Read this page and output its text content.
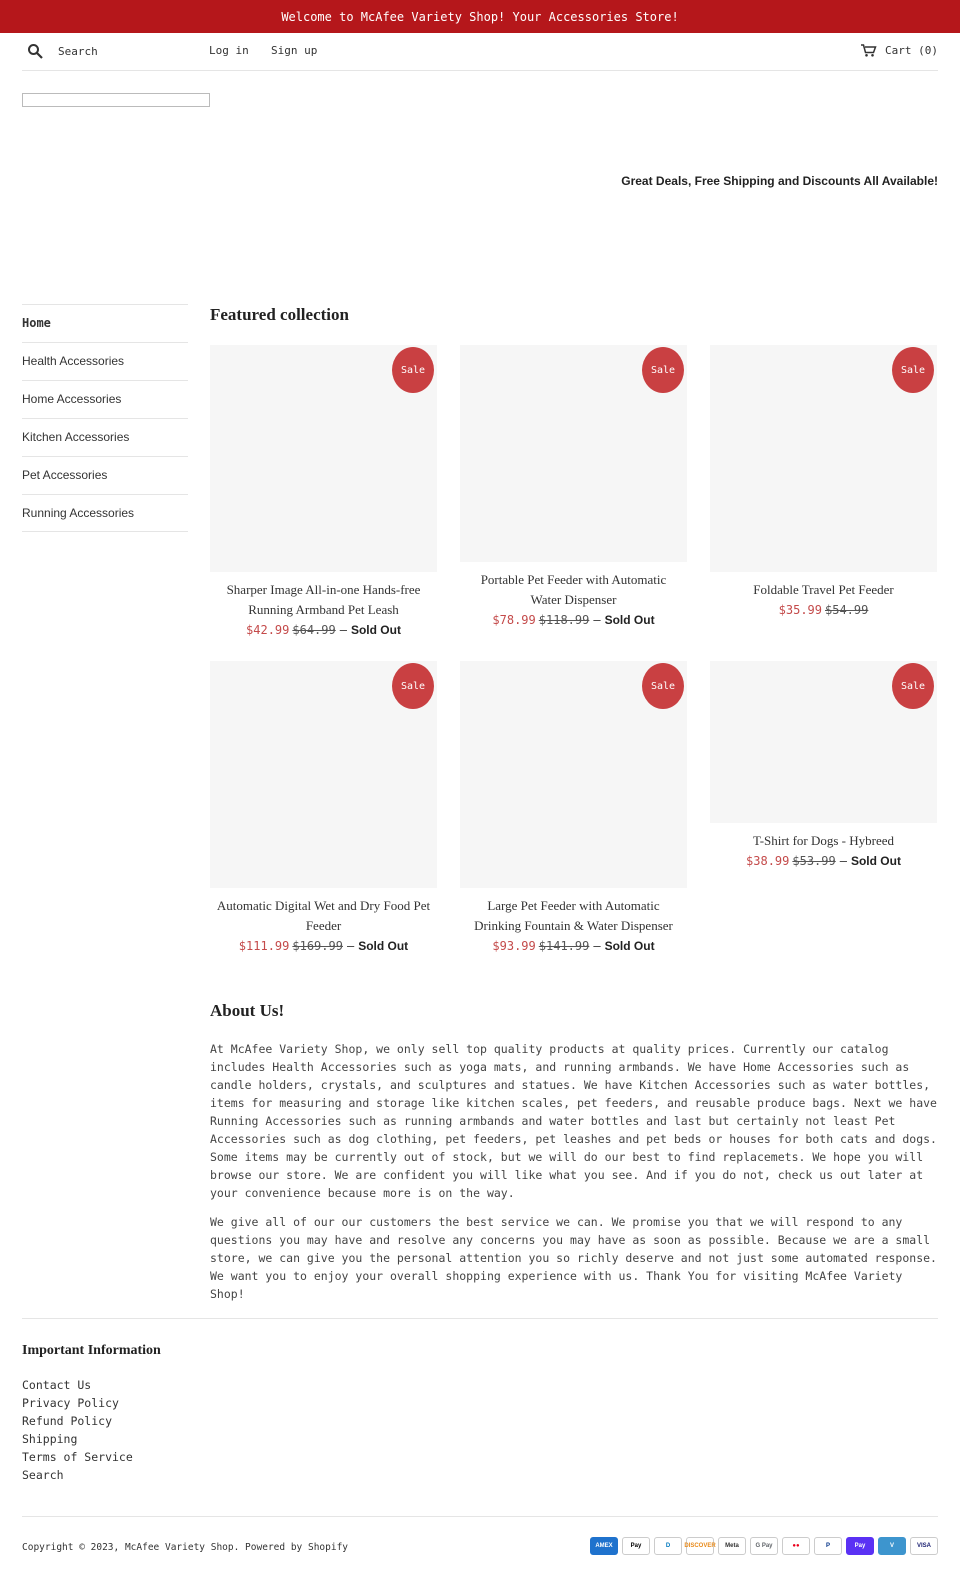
Welcome to McAfee Variety Shop! Your Accessories Store!
Search
Log in Sign up	Cart (0)
Great Deals, Free Shipping and Discounts All Available!
Home
Health Accessories
Home Accessories
Kitchen Accessories
Pet Accessories
Running Accessories
Featured collection
Sale
Sharper Image All-in-one Hands-free Running Armband Pet Leash
$42.99 $64.99 — Sold Out
Sale
Portable Pet Feeder with Automatic Water Dispenser
$78.99 $118.99 — Sold Out
Sale
Foldable Travel Pet Feeder
$35.99 $54.99
Sale
Automatic Digital Wet and Dry Food Pet Feeder
$111.99 $169.99 — Sold Out
Sale
Large Pet Feeder with Automatic Drinking Fountain & Water Dispenser
$93.99 $141.99 — Sold Out
Sale
T-Shirt for Dogs - Hybreed
$38.99 $53.99 — Sold Out
About Us!

At McAfee Variety Shop, we only sell top quality products at quality prices. Currently our catalog includes Health Accessories such as yoga mats, and running armbands. We have Home Accessories such as candle holders, crystals, and sculptures and statues. We have Kitchen Accessories such as water bottles, items for measuring and storage like kitchen scales, pet feeders, and reusable produce bags. Next we have Running Accessories such as running armbands and water bottles and last but certainly not least Pet Accessories such as dog clothing, pet feeders, pet leashes and pet beds or houses for both cats and dogs. Some items may be currently out of stock, but we will do our best to find replacemets. We hope you will browse our store. We are confident you will like what you see. And if you do not, check us out later at your convenience because more is on the way.

We give all of our our customers the best service we can. We promise you that we will respond to any questions you may have and resolve any concerns you may have as soon as possible. Because we are a small store, we can give you the personal attention you so richly deserve and not just some automated response. We want you to enjoy your overall shopping experience with us. Thank You for visiting McAfee Variety Shop!

Important Information
Contact Us
Privacy Policy
Refund Policy
Shipping
Terms of Service
Search
Copyright © 2023, McAfee Variety Shop. Powered by Shopify	AMEX	Pay	D	DISCOVER	Meta	G Pay	●●	P	Pay	V	VISA
